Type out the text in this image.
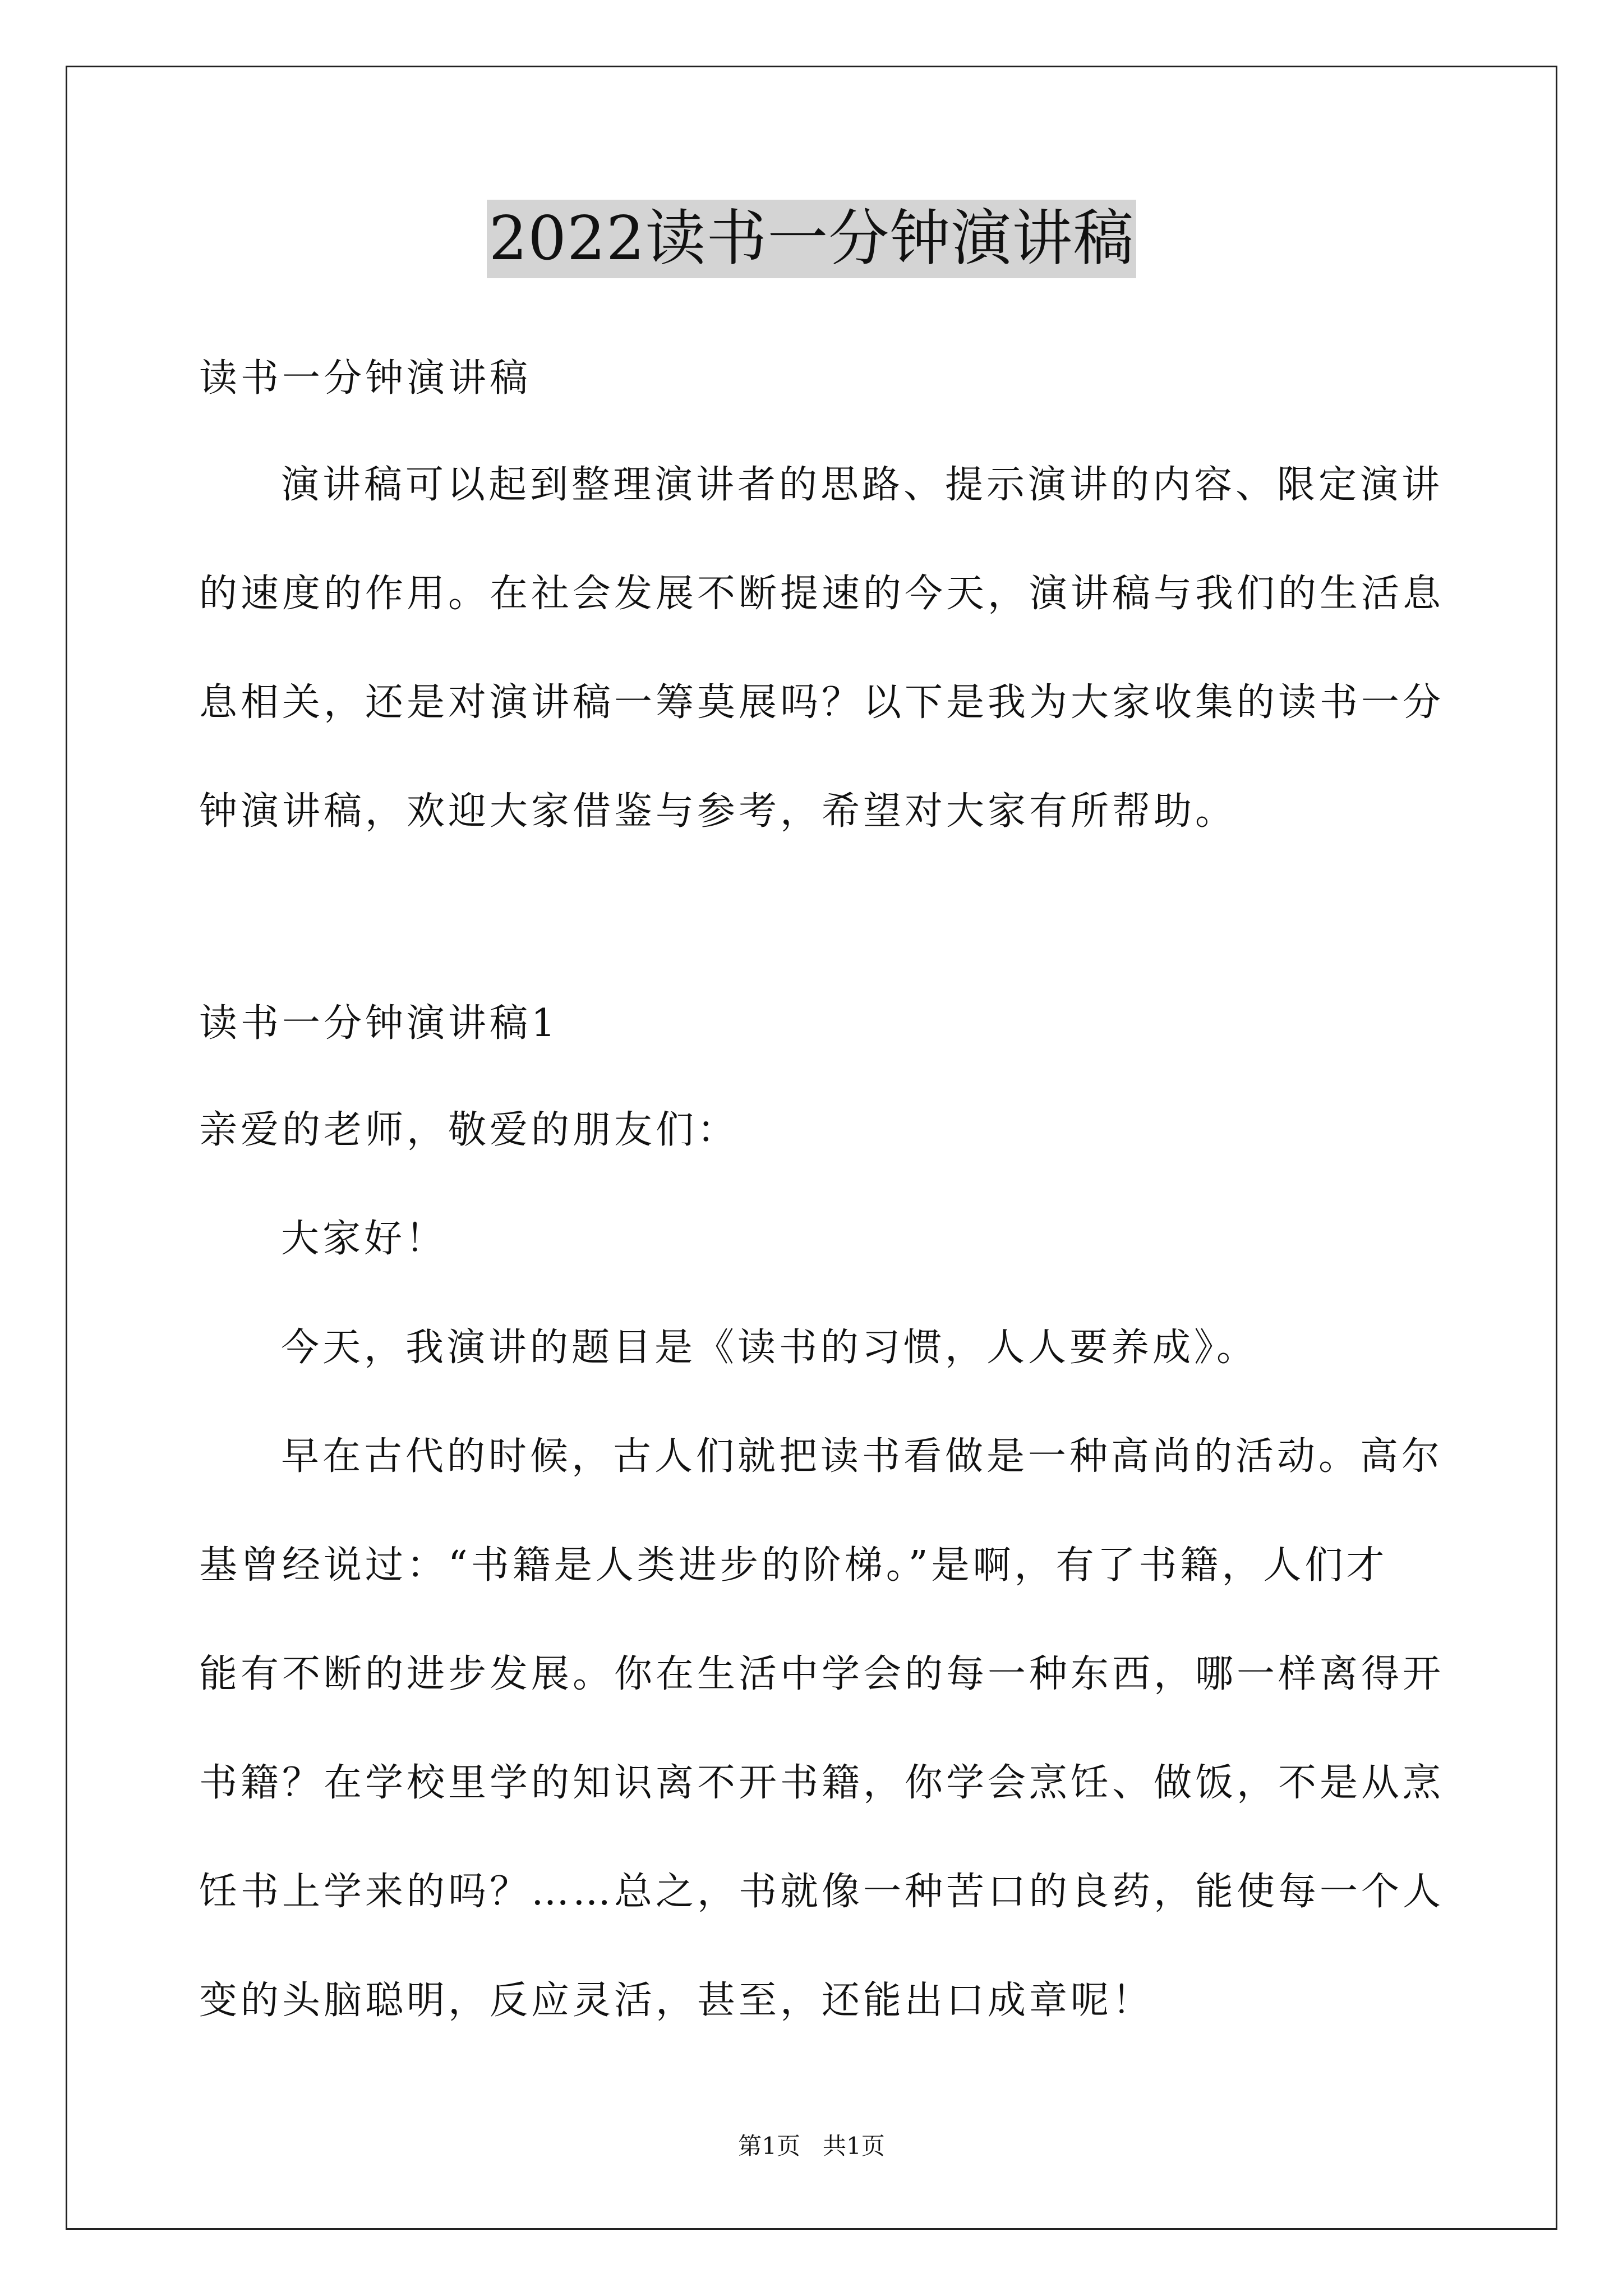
2022读书一分钟演讲稿
读书一分钟演讲稿
演讲稿可以起到整理演讲者的思路、提示演讲的内容、限定演讲
的速度的作用。在社会发展不断提速的今天，演讲稿与我们的生活息
息相关，还是对演讲稿一筹莫展吗？以下是我为大家收集的读书一分
钟演讲稿，欢迎大家借鉴与参考，希望对大家有所帮助。
读书一分钟演讲稿1
亲爱的老师，敬爱的朋友们：
大家好！
今天，我演讲的题目是《读书的习惯，人人要养成》。
早在古代的时候，古人们就把读书看做是一种高尚的活动。高尔
基曾经说过：“书籍是人类进步的阶梯。”是啊，有了书籍，人们才
能有不断的进步发展。你在生活中学会的每一种东西，哪一样离得开
书籍？在学校里学的知识离不开书籍，你学会烹饪、做饭，不是从烹
饪书上学来的吗？……总之，书就像一种苦口的良药，能使每一个人
变的头脑聪明，反应灵活，甚至，还能出口成章呢！
第1页   共1页
